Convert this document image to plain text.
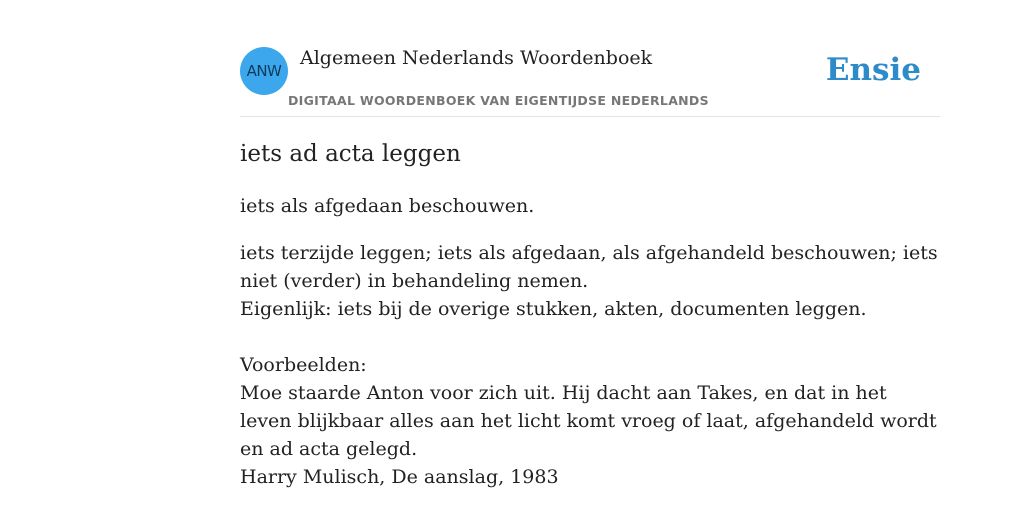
ANW
Algemeen Nederlands Woordenboek
DIGITAAL WOORDENBOEK VAN EIGENTIJDSE NEDERLANDS
Ensie
iets ad acta leggen

iets als afgedaan beschouwen.

iets terzijde leggen; iets als afgedaan, als afgehandeld beschouwen; iets niet (verder) in behandeling nemen.

Eigenlijk: iets bij de overige stukken, akten, documenten leggen.

Voorbeelden:

Moe staarde Anton voor zich uit. Hij dacht aan Takes, en dat in het leven blijkbaar alles aan het licht komt vroeg of laat, afgehandeld wordt en ad acta gelegd.

Harry Mulisch, De aanslag, 1983
